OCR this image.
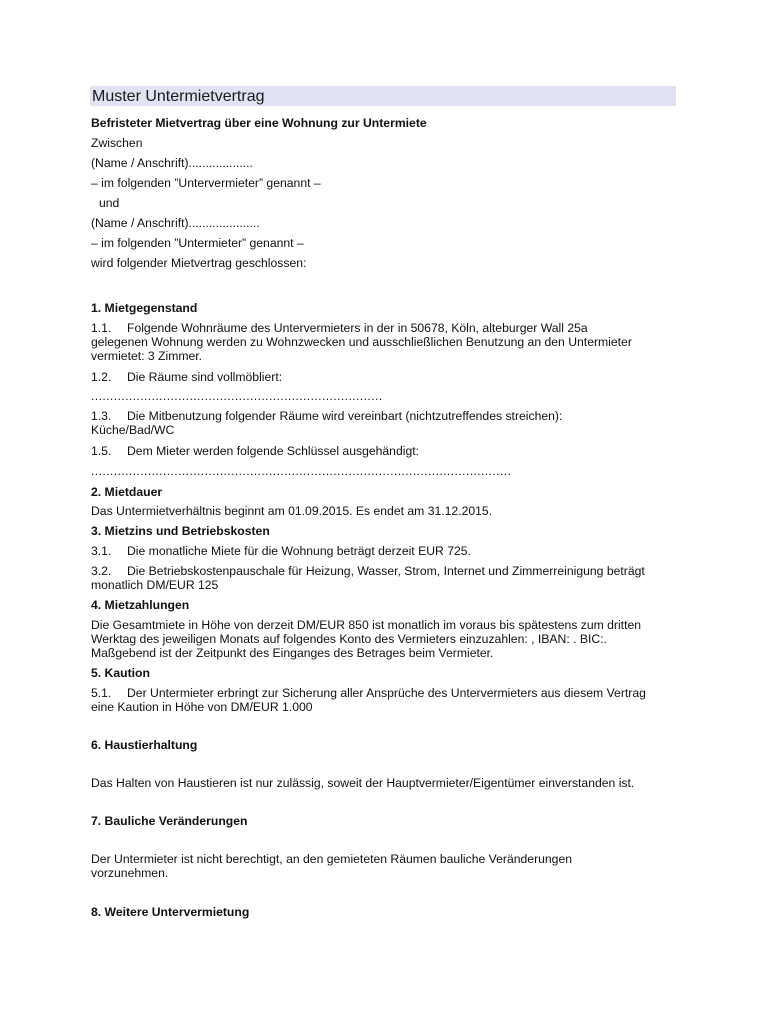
Muster Untermietvertrag
Befristeter Mietvertrag über eine Wohnung zur Untermiete
Zwischen
(Name / Anschrift)...................
– im folgenden ”Untervermieter” genannt –
und
(Name / Anschrift).....................
– im folgenden ”Untermieter” genannt –
wird folgender Mietvertrag geschlossen:
1. Mietgegenstand
1.1. Folgende Wohnräume des Untervermieters in der in 50678, Köln, alteburger Wall 25a
gelegenen Wohnung werden zu Wohnzwecken und ausschließlichen Benutzung an den Untermieter
vermietet: 3 Zimmer.
1.2. Die Räume sind vollmöbliert:
.............................................................................
1.3. Die Mitbenutzung folgender Räume wird vereinbart (nichtzutreffendes streichen):
Küche/Bad/WC
1.5. Dem Mieter werden folgende Schlüssel ausgehändigt:
...............................................................................................................
2. Mietdauer
Das Untermietverhältnis beginnt am 01.09.2015. Es endet am 31.12.2015.
3. Mietzins und Betriebskosten
3.1. Die monatliche Miete für die Wohnung beträgt derzeit EUR 725.
3.2. Die Betriebskostenpauschale für Heizung, Wasser, Strom, Internet und Zimmerreinigung beträgt
monatlich DM/EUR 125
4. Mietzahlungen
Die Gesamtmiete in Höhe von derzeit DM/EUR 850 ist monatlich im voraus bis spätestens zum dritten
Werktag des jeweiligen Monats auf folgendes Konto des Vermieters einzuzahlen: , IBAN: . BIC:.
Maßgebend ist der Zeitpunkt des Einganges des Betrages beim Vermieter.
5. Kaution
5.1. Der Untermieter erbringt zur Sicherung aller Ansprüche des Untervermieters aus diesem Vertrag
eine Kaution in Höhe von DM/EUR 1.000
6. Haustierhaltung
Das Halten von Haustieren ist nur zulässig, soweit der Hauptvermieter/Eigentümer einverstanden ist.
7. Bauliche Veränderungen
Der Untermieter ist nicht berechtigt, an den gemieteten Räumen bauliche Veränderungen
vorzunehmen.
8. Weitere Untervermietung
